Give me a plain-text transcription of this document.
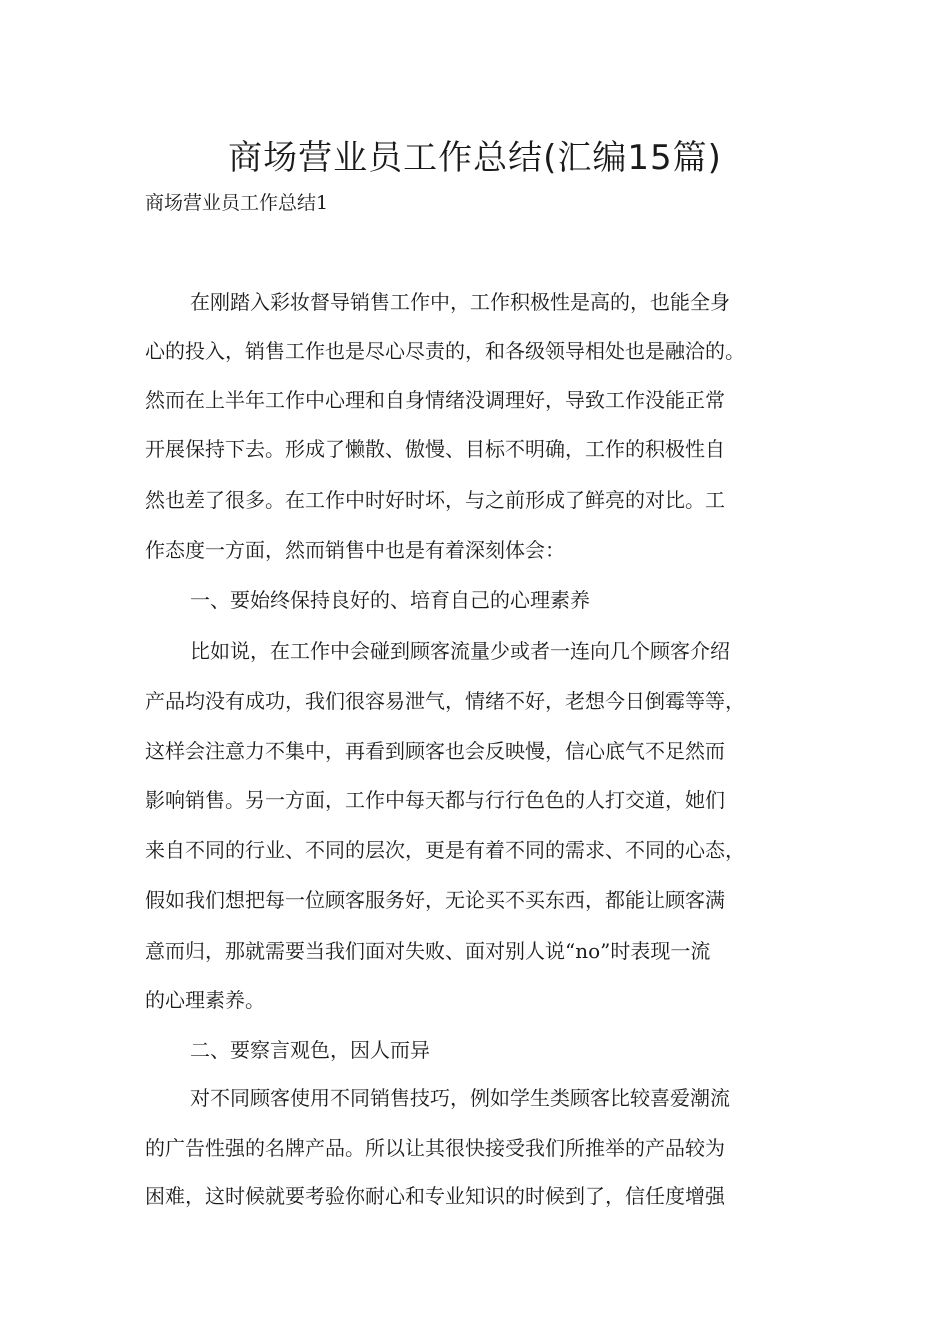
商场营业员工作总结(汇编15篇)

商场营业员工作总结1

在刚踏入彩妆督导销售工作中，工作积极性是高的，也能全身
心的投入，销售工作也是尽心尽责的，和各级领导相处也是融洽的。
然而在上半年工作中心理和自身情绪没调理好，导致工作没能正常
开展保持下去。形成了懒散、傲慢、目标不明确，工作的积极性自
然也差了很多。在工作中时好时坏，与之前形成了鲜亮的对比。工
作态度一方面，然而销售中也是有着深刻体会：
一、要始终保持良好的、培育自己的心理素养
比如说，在工作中会碰到顾客流量少或者一连向几个顾客介绍
产品均没有成功，我们很容易泄气，情绪不好，老想今日倒霉等等，
这样会注意力不集中，再看到顾客也会反映慢，信心底气不足然而
影响销售。另一方面，工作中每天都与行行色色的人打交道，她们
来自不同的行业、不同的层次，更是有着不同的需求、不同的心态，
假如我们想把每一位顾客服务好，无论买不买东西，都能让顾客满
意而归，那就需要当我们面对失败、面对别人说“no”时表现一流
的心理素养。
二、要察言观色，因人而异
对不同顾客使用不同销售技巧，例如学生类顾客比较喜爱潮流
的广告性强的名牌产品。所以让其很快接受我们所推举的产品较为
困难，这时候就要考验你耐心和专业知识的时候到了，信任度增强
